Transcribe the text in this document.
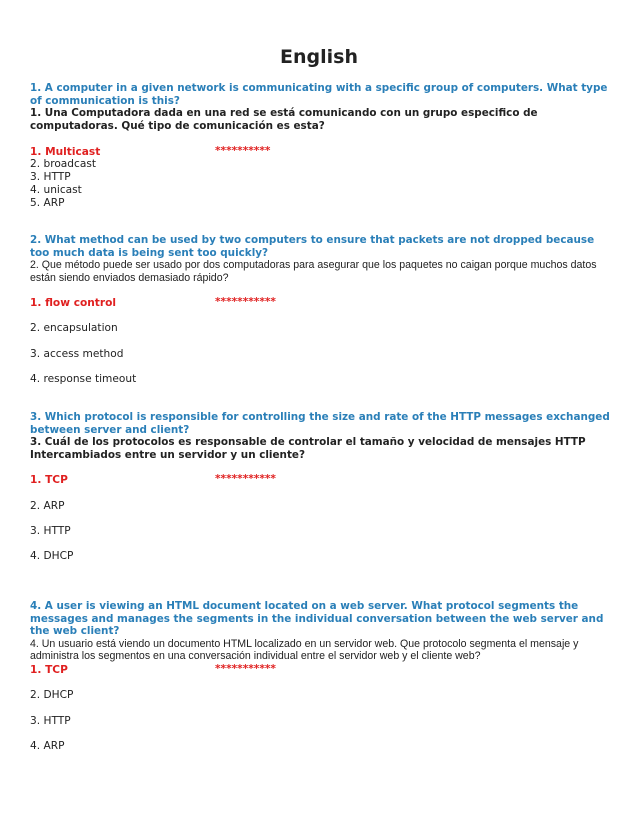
English
1. A computer in a given network is communicating with a specific group of computers. What type of communication is this?
1. Una Computadora dada en una red se está comunicando con un grupo especifico de computadoras. Qué tipo de comunicación es esta?
1. Multicast	**********
2. broadcast
3. HTTP
4. unicast
5. ARP
2. What method can be used by two computers to ensure that packets are not dropped because too much data is being sent too quickly?
2. Que método puede ser usado por dos computadoras para asegurar que los paquetes no caigan porque muchos datos están siendo enviados demasiado rápido?
1. flow control	***********
2. encapsulation
3. access method
4. response timeout
3. Which protocol is responsible for controlling the size and rate of the HTTP messages exchanged between server and client?
3. Cuál de los protocolos es responsable de controlar el tamaño y velocidad de mensajes HTTP Intercambiados entre un servidor y un cliente?
1. TCP	***********
2. ARP
3. HTTP
4. DHCP
4. A user is viewing an HTML document located on a web server. What protocol segments the messages and manages the segments in the individual conversation between the web server and the web client?
4. Un usuario está viendo un documento HTML localizado en un servidor web. Que protocolo segmenta el mensaje y administra los segmentos en una conversación individual entre el servidor web y el cliente web?
1. TCP	***********
2. DHCP
3. HTTP
4. ARP
